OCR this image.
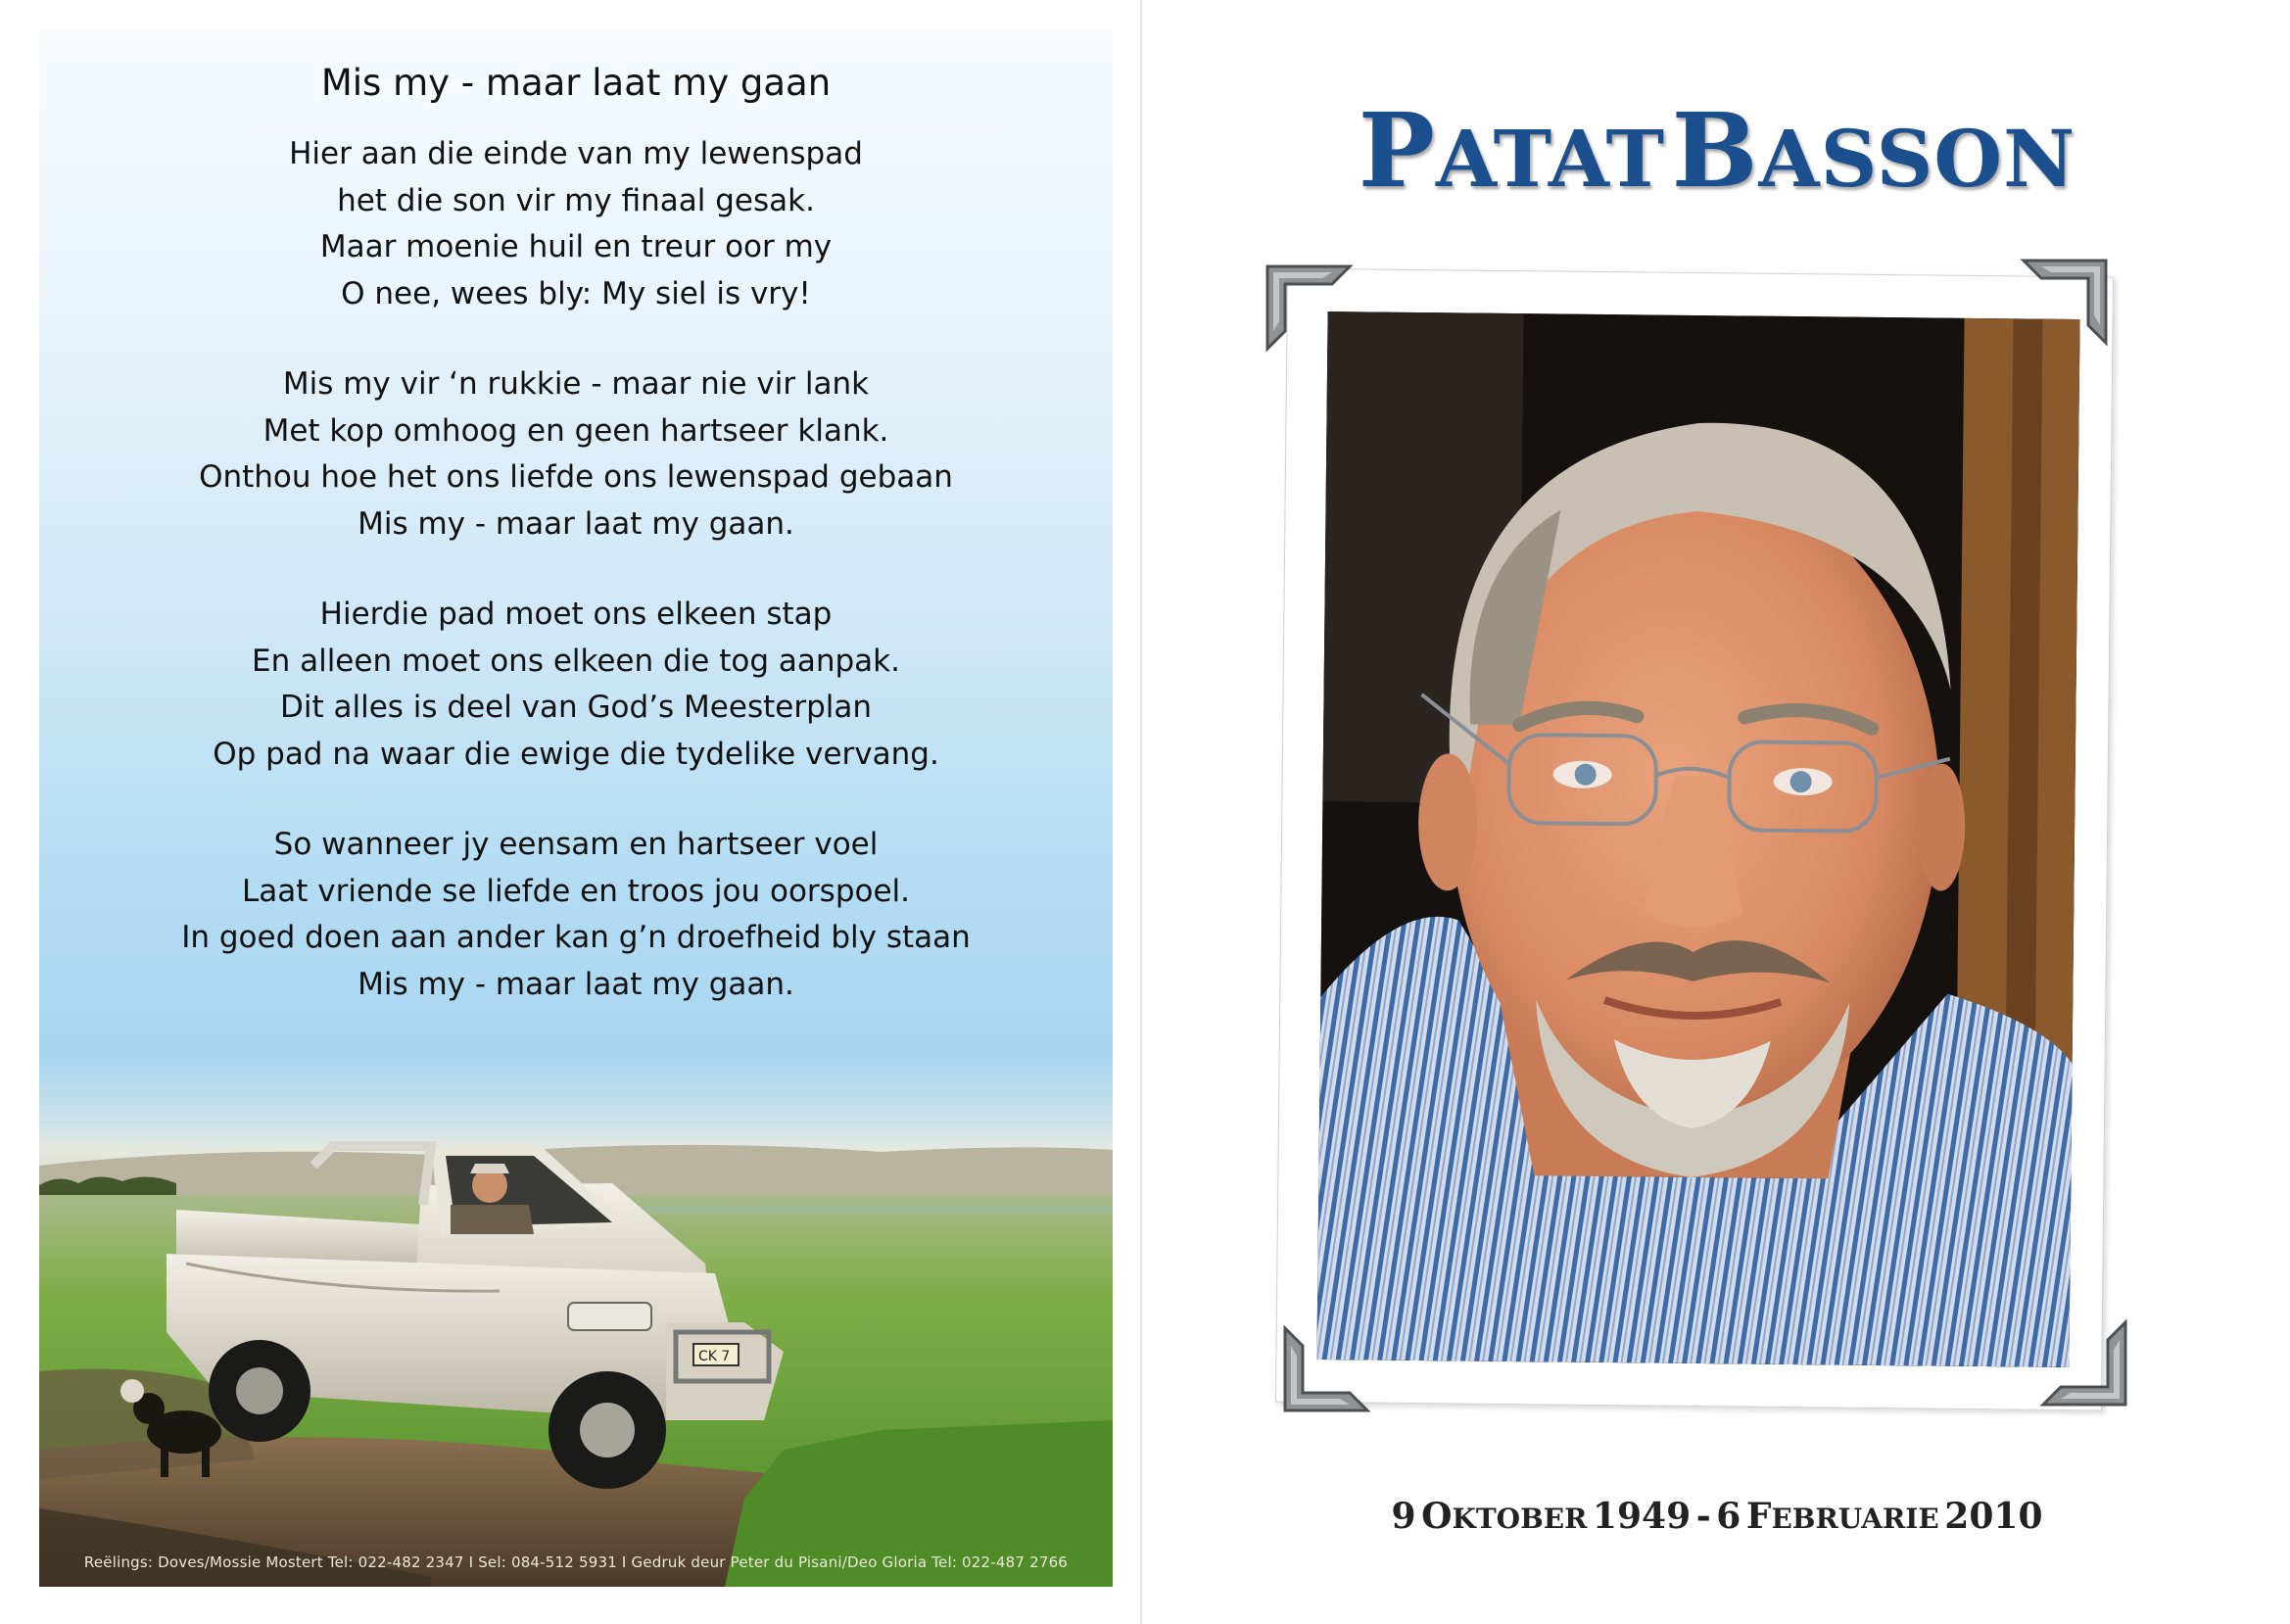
Mis my - maar laat my gaan
Hier aan die einde van my lewenspad
het die son vir my finaal gesak.
Maar moenie huil en treur oor my
O nee, wees bly: My siel is vry!
Mis my vir ‘n rukkie - maar nie vir lank
Met kop omhoog en geen hartseer klank.
Onthou hoe het ons liefde ons lewenspad gebaan
Mis my - maar laat my gaan.
Hierdie pad moet ons elkeen stap
En alleen moet ons elkeen die tog aanpak.
Dit alles is deel van God’s Meesterplan
Op pad na waar die ewige die tydelike vervang.
So wanneer jy eensam en hartseer voel
Laat vriende se liefde en troos jou oorspoel.
In goed doen aan ander kan g’n droefheid bly staan
Mis my - maar laat my gaan.
CK 7
Reëlings: Doves/Mossie Mostert Tel: 022-482 2347 I Sel: 084-512 5931 I Gedruk deur Peter du Pisani/Deo Gloria Tel: 022-487 2766
PATAT BASSON
9 OKTOBER 1949 - 6 FEBRUARIE 2010
